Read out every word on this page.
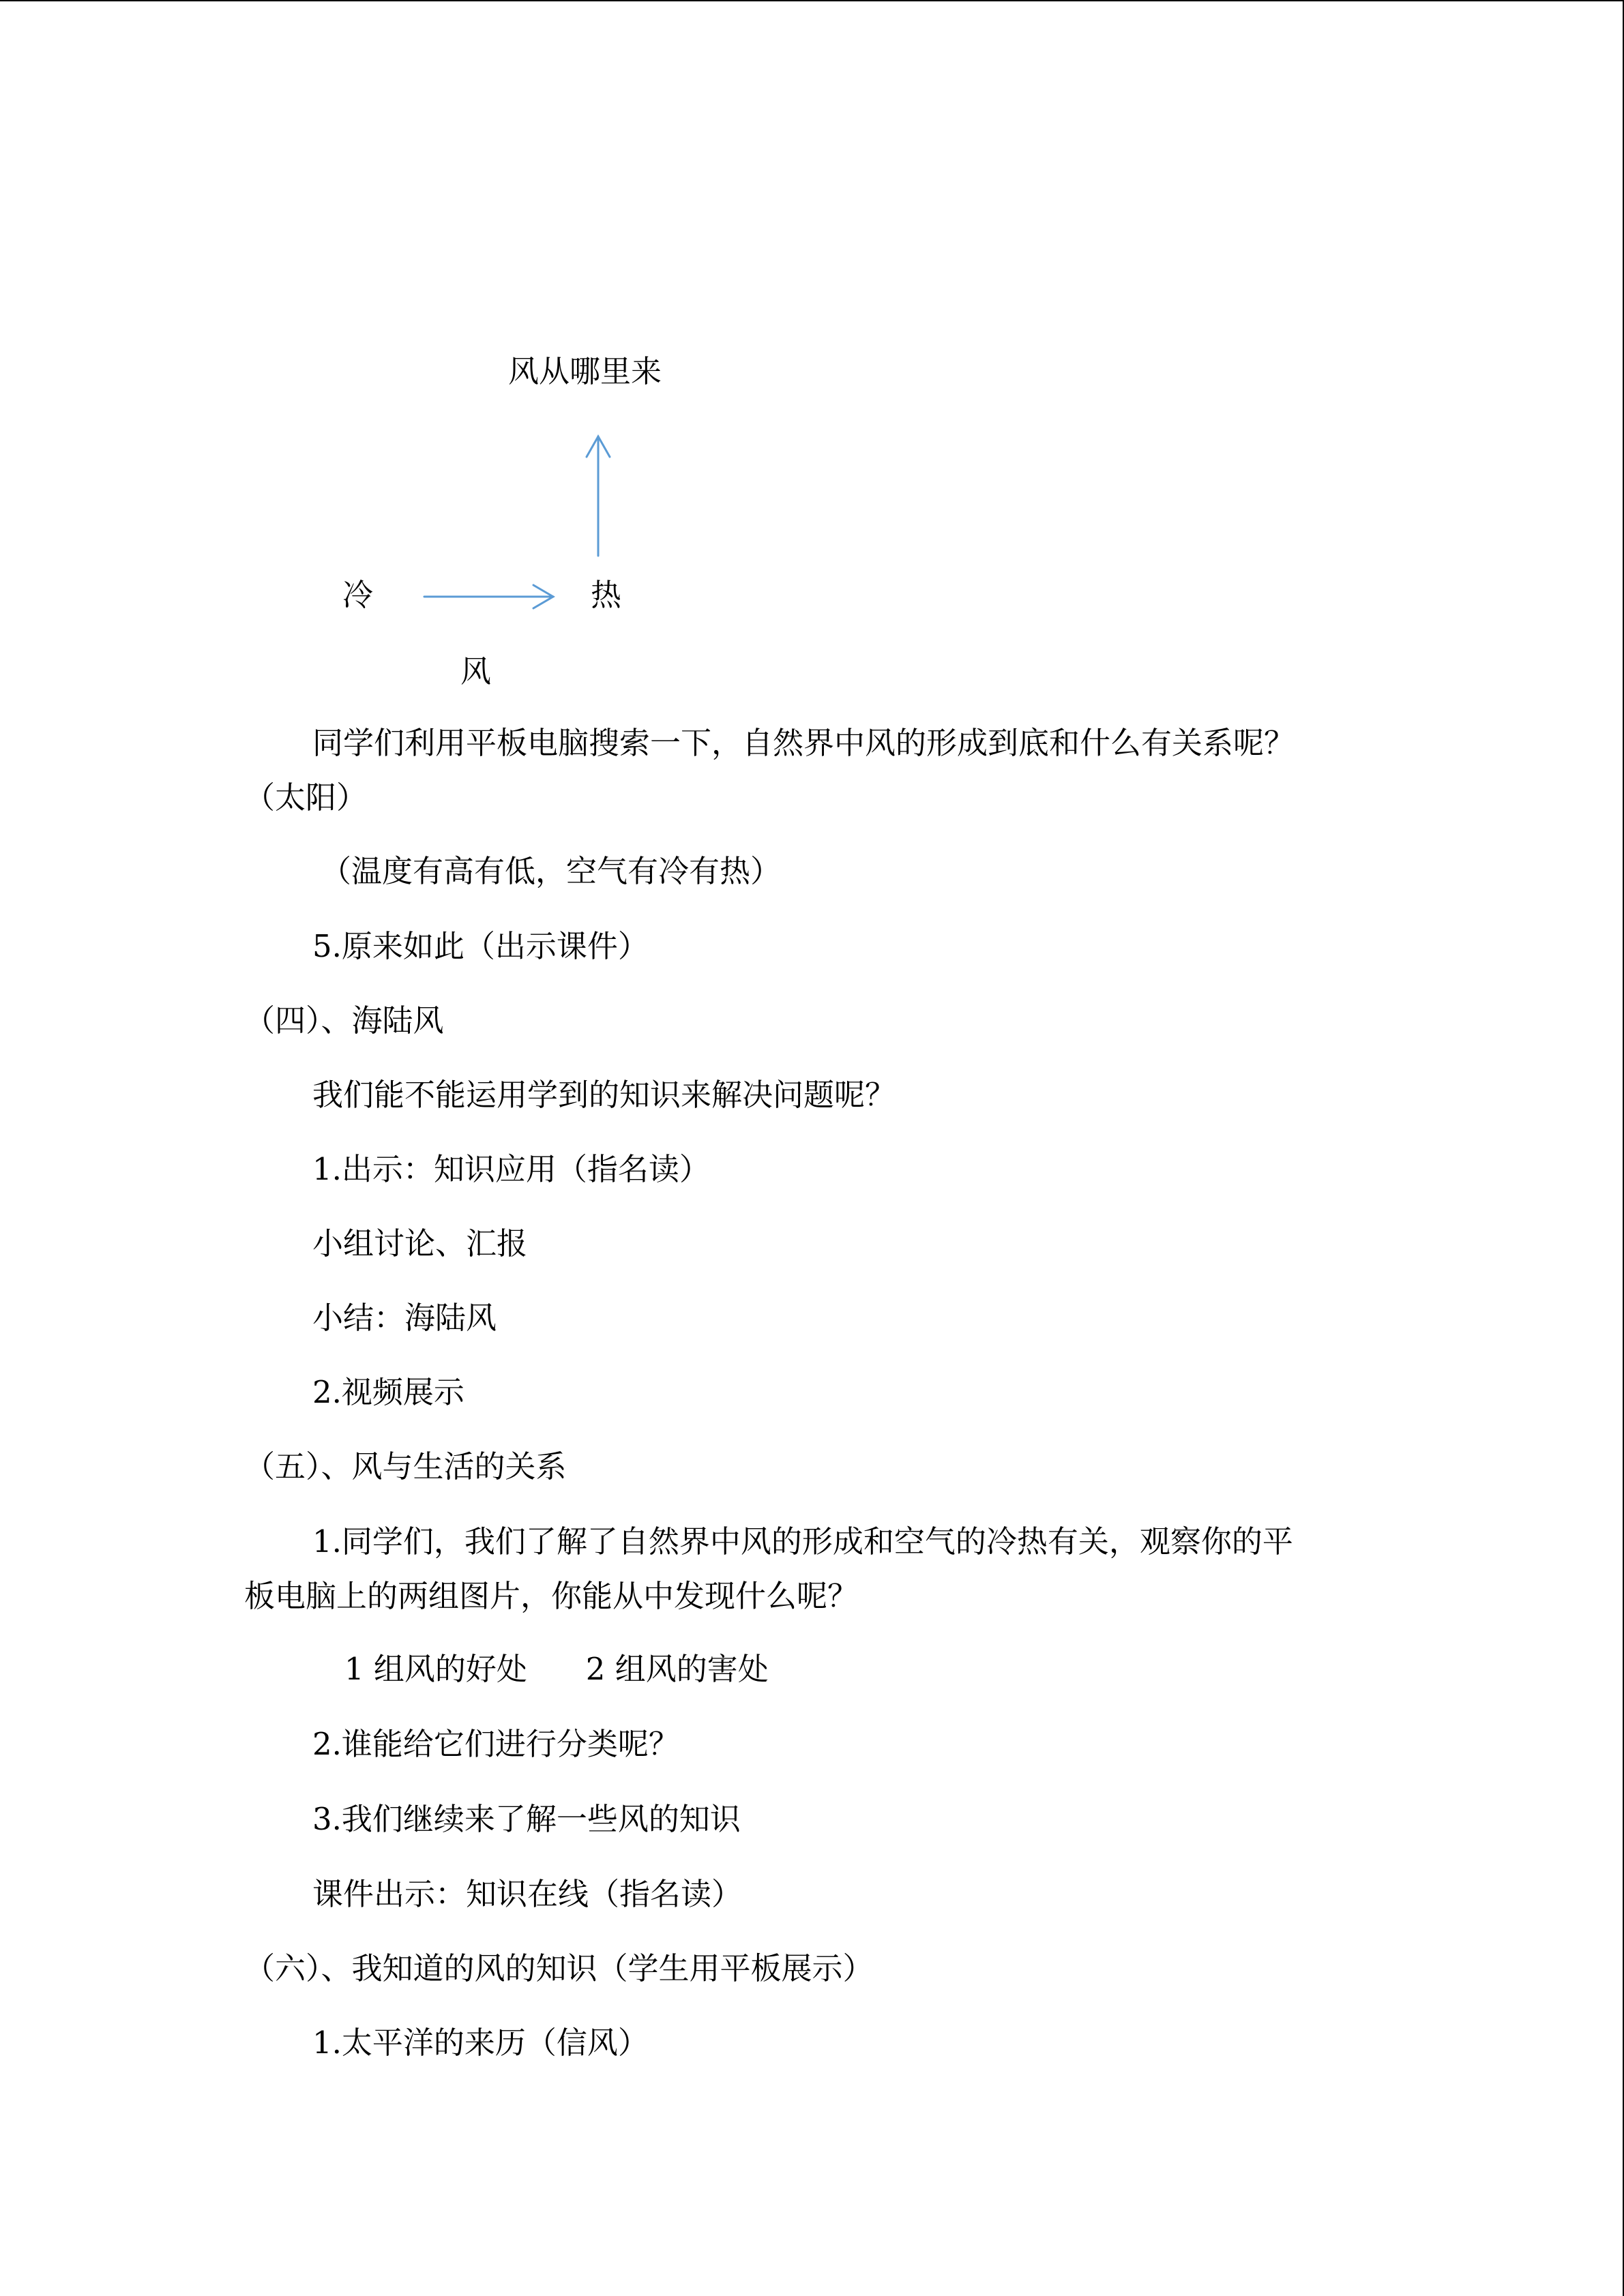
风从哪里来
冷	热
风
同学们利用平板电脑搜索一下，自然界中风的形成到底和什么有关系呢？
（太阳）
（温度有高有低，空气有冷有热）
5.原来如此（出示课件）
（四）、海陆风
我们能不能运用学到的知识来解决问题呢？
1.出示：知识应用（指名读）
小组讨论、汇报
小结：海陆风
2.视频展示
（五）、风与生活的关系
1.同学们，我们了解了自然界中风的形成和空气的冷热有关，观察你的平
板电脑上的两组图片，你能从中发现什么呢？
1 组风的好处      2 组风的害处
2.谁能给它们进行分类呢？
3.我们继续来了解一些风的知识
课件出示：知识在线（指名读）
（六）、我知道的风的知识（学生用平板展示）
1.太平洋的来历（信风）
